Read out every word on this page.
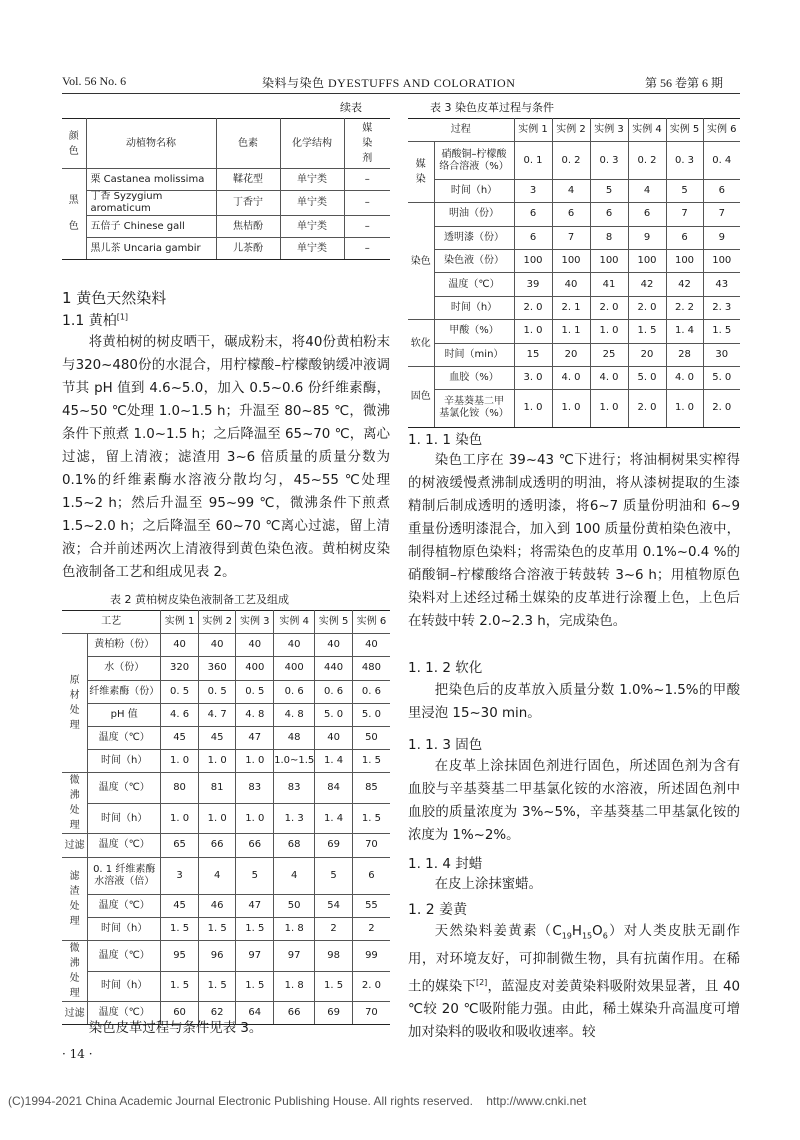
Vol. 56 No. 6	染料与染色 DYESTUFFS AND COLORATION	第 56 卷第 6 期
续表
颜
色	动植物名称	色素	化学结构	媒
染
剂
黑
色	栗 Castanea molissima	鞣花型	单宁类	–
	丁香 Syzygium aromaticum	丁香宁	单宁类	–
	五倍子 Chinese gall	焦桔酚	单宁类	–
	黑儿茶 Uncaria gambir	儿茶酚	单宁类	–
1 黄色天然染料
1.1 黄柏[1]

将黄柏树的树皮晒干，碾成粉末，将40份黄柏粉末与320~480份的水混合，用柠檬酸–柠檬酸钠缓冲液调节其 pH 值到 4.6~5.0，加入 0.5~0.6 份纤维素酶，45~50 ℃处理 1.0~1.5 h；升温至 80~85 ℃，微沸条件下煎煮 1.0~1.5 h；之后降温至 65~70 ℃，离心过滤，留上清液；滤渣用 3~6 倍质量的质量分数为 0.1%的纤维素酶水溶液分散均匀，45~55 ℃处理 1.5~2 h；然后升温至 95~99 ℃，微沸条件下煎煮 1.5~2.0 h；之后降温至 60~70 ℃离心过滤，留上清液；合并前述两次上清液得到黄色染色液。黄柏树皮染色液制备工艺和组成见表 2。

表 2 黄柏树皮染色液制备工艺及组成
工艺		实例 1	实例 2	实例 3	实例 4	实例 5	实例 6
原
材
处
理	黄柏粉（份）	40	40	40	40	40	40
	水（份）	320	360	400	400	440	480
	纤维素酶（份）	0. 5	0. 5	0. 5	0. 6	0. 6	0. 6
	pH 值	4. 6	4. 7	4. 8	4. 8	5. 0	5. 0
	温度（℃）	45	45	47	48	40	50
	时间（h）	1. 0	1. 0	1. 0	1.0~1.5	1. 4	1. 5
微
沸
处
理	温度（℃）	80	81	83	83	84	85
	时间（h）	1. 0	1. 0	1. 0	1. 3	1. 4	1. 5
过滤	温度（℃）	65	66	66	68	69	70
滤
渣
处
理	0. 1 纤维素酶
水溶液（倍）	3	4	5	4	5	6
	温度（℃）	45	46	47	50	54	55
	时间（h）	1. 5	1. 5	1. 5	1. 8	2	2
微
沸
处
理	温度（℃）	95	96	97	97	98	99
	时间（h）	1. 5	1. 5	1. 5	1. 8	1. 5	2. 0
过滤	温度（℃）	60	62	64	66	69	70

染色皮革过程与条件见表 3。

表 3 染色皮革过程与条件
过程		实例 1	实例 2	实例 3	实例 4	实例 5	实例 6
媒
染	硝酸铜–柠檬酸
络合溶液（%）	0. 1	0. 2	0. 3	0. 2	0. 3	0. 4
	时间（h）	3	4	5	4	5	6
染色	明油（份）	6	6	6	6	7	7
	透明漆（份）	6	7	8	9	6	9
	染色液（份）	100	100	100	100	100	100
	温度（℃）	39	40	41	42	42	43
	时间（h）	2. 0	2. 1	2. 0	2. 0	2. 2	2. 3
软化	甲酸（%）	1. 0	1. 1	1. 0	1. 5	1. 4	1. 5
	时间（min）	15	20	25	20	28	30
固色	血胶（%）	3. 0	4. 0	4. 0	5. 0	4. 0	5. 0
	辛基葵基二甲
基氯化铵（%）	1. 0	1. 0	1. 0	2. 0	1. 0	2. 0
1. 1. 1 染色

染色工序在 39~43 ℃下进行；将油桐树果实榨得的树液缓慢煮沸制成透明的明油，将从漆树提取的生漆精制后制成透明的透明漆，将6~7 质量份明油和 6~9 重量份透明漆混合，加入到 100 质量份黄柏染色液中，制得植物原色染料；将需染色的皮革用 0.1%~0.4 %的硝酸铜–柠檬酸络合溶液于转鼓转 3~6 h；用植物原色染料对上述经过稀土媒染的皮革进行涂覆上色，上色后在转鼓中转 2.0~2.3 h，完成染色。

1. 1. 2 软化

把染色后的皮革放入质量分数 1.0%~1.5%的甲酸里浸泡 15~30 min。

1. 1. 3 固色

在皮革上涂抹固色剂进行固色，所述固色剂为含有血胶与辛基葵基二甲基氯化铵的水溶液，所述固色剂中血胶的质量浓度为 3%~5%，辛基葵基二甲基氯化铵的浓度为 1%~2%。

1. 1. 4 封蜡

在皮上涂抹蜜蜡。

1. 2 姜黄

天然染料姜黄素$(C_{19}H_{15}O_6)$对人类皮肤无副作用，对环境友好，可抑制微生物，具有抗菌作用。在稀土的媒染下[2]，蓝湿皮对姜黄染料吸附效果显著，且 40 ℃较 20 ℃吸附能力强。由此，稀土媒染升高温度可增加对染料的吸收和吸收速率。较

· 14 ·
(C)1994-2021 China Academic Journal Electronic Publishing House. All rights reserved.    http://www.cnki.net
